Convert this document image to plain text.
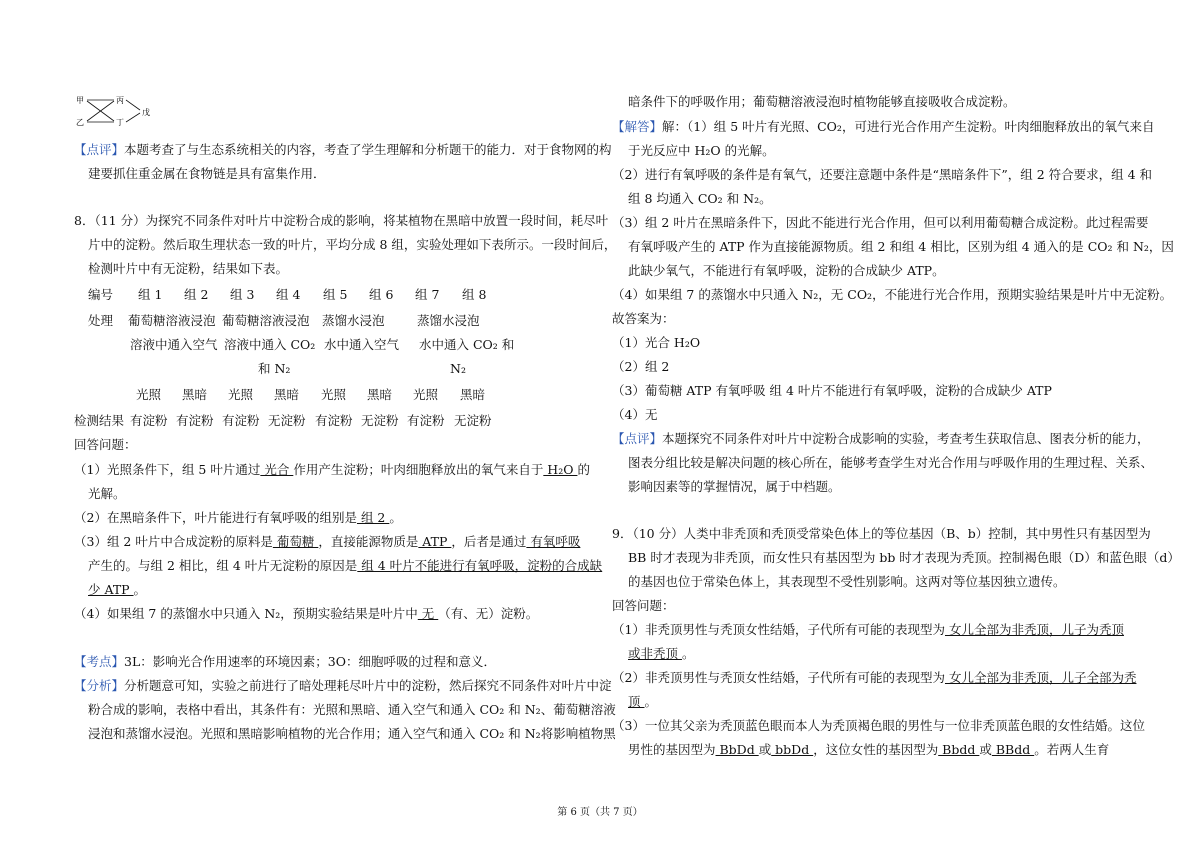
甲
乙
丙
丁
戊
【点评】本题考查了与生态系统相关的内容，考查了学生理解和分析题干的能力．对于食物网的构
建要抓住重金属在食物链是具有富集作用．
8．（11 分）为探究不同条件对叶片中淀粉合成的影响，将某植物在黑暗中放置一段时间，耗尽叶
片中的淀粉。然后取生理状态一致的叶片，平均分成 8 组，实验处理如下表所示。一段时间后，
检测叶片中有无淀粉，结果如下表。
编号 组 1 组 2 组 3 组 4 组 5 组 6 组 7 组 8
处理 葡萄糖溶液浸泡 葡萄糖溶液浸泡 蒸馏水浸泡	蒸馏水浸泡
溶液中通入空气 溶液中通入 CO₂ 水中通入空气 水中通入 CO₂ 和
和 N₂	N₂
光照 黑暗 光照 黑暗 光照 黑暗 光照 黑暗
检测结果 有淀粉 有淀粉 有淀粉 无淀粉 有淀粉 无淀粉 有淀粉 无淀粉
回答问题：
（1）光照条件下，组 5 叶片通过 光合 作用产生淀粉；叶肉细胞释放出的氧气来自于 H₂O 的
光解。
（2）在黑暗条件下，叶片能进行有氧呼吸的组别是 组 2 。
（3）组 2 叶片中合成淀粉的原料是 葡萄糖 ，直接能源物质是 ATP ，后者是通过 有氧呼吸
产生的。与组 2 相比，组 4 叶片无淀粉的原因是 组 4 叶片不能进行有氧呼吸，淀粉的合成缺
少 ATP 。
（4）如果组 7 的蒸馏水中只通入 N₂，预期实验结果是叶片中 无 （有、无）淀粉。
【考点】3L：影响光合作用速率的环境因素；3O：细胞呼吸的过程和意义．
【分析】分析题意可知，实验之前进行了暗处理耗尽叶片中的淀粉，然后探究不同条件对叶片中淀
粉合成的影响，表格中看出，其条件有：光照和黑暗、通入空气和通入 CO₂ 和 N₂、葡萄糖溶液
浸泡和蒸馏水浸泡。光照和黑暗影响植物的光合作用；通入空气和通入 CO₂ 和 N₂将影响植物黑
暗条件下的呼吸作用；葡萄糖溶液浸泡时植物能够直接吸收合成淀粉。
【解答】解：（1）组 5 叶片有光照、CO₂，可进行光合作用产生淀粉。叶肉细胞释放出的氧气来自
于光反应中 H₂O 的光解。
（2）进行有氧呼吸的条件是有氧气，还要注意题中条件是“黑暗条件下”，组 2 符合要求，组 4 和
组 8 均通入 CO₂ 和 N₂。
（3）组 2 叶片在黑暗条件下，因此不能进行光合作用，但可以利用葡萄糖合成淀粉。此过程需要
有氧呼吸产生的 ATP 作为直接能源物质。组 2 和组 4 相比，区别为组 4 通入的是 CO₂ 和 N₂，因
此缺少氧气，不能进行有氧呼吸，淀粉的合成缺少 ATP。
（4）如果组 7 的蒸馏水中只通入 N₂，无 CO₂，不能进行光合作用，预期实验结果是叶片中无淀粉。
故答案为：
（1）光合 H₂O
（2）组 2
（3）葡萄糖 ATP 有氧呼吸 组 4 叶片不能进行有氧呼吸，淀粉的合成缺少 ATP
（4）无
【点评】本题探究不同条件对叶片中淀粉合成影响的实验，考查考生获取信息、图表分析的能力，
图表分组比较是解决问题的核心所在，能够考查学生对光合作用与呼吸作用的生理过程、关系、
影响因素等的掌握情况，属于中档题。
9．（10 分）人类中非秃顶和秃顶受常染色体上的等位基因（B、b）控制，其中男性只有基因型为
BB 时才表现为非秃顶，而女性只有基因型为 bb 时才表现为秃顶。控制褐色眼（D）和蓝色眼（d）
的基因也位于常染色体上，其表现型不受性别影响。这两对等位基因独立遗传。
回答问题：
（1）非秃顶男性与秃顶女性结婚，子代所有可能的表现型为 女儿全部为非秃顶，儿子为秃顶
或非秃顶 。
（2）非秃顶男性与秃顶女性结婚，子代所有可能的表现型为 女儿全部为非秃顶，儿子全部为秃
顶 。
（3）一位其父亲为秃顶蓝色眼而本人为秃顶褐色眼的男性与一位非秃顶蓝色眼的女性结婚。这位
男性的基因型为 BbDd 或 bbDd ，这位女性的基因型为 Bbdd 或 BBdd 。若两人生育
第 6 页（共 7 页）
